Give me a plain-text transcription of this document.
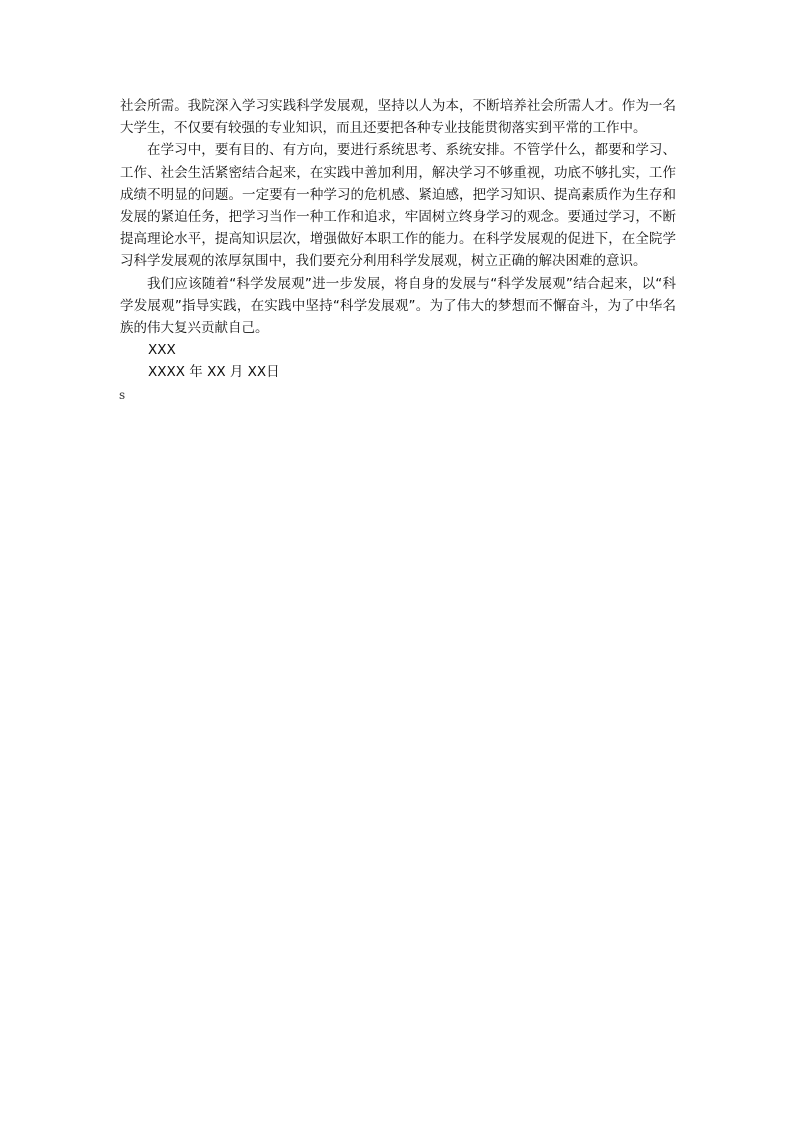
社会所需。我院深入学习实践科学发展观，坚持以人为本，不断培养社会所需人才。作为一名大学生，不仅要有较强的专业知识，而且还要把各种专业技能贯彻落实到平常的工作中。

在学习中，要有目的、有方向，要进行系统思考、系统安排。不管学什么，都要和学习、工作、社会生活紧密结合起来，在实践中善加利用，解决学习不够重视，功底不够扎实，工作成绩不明显的问题。一定要有一种学习的危机感、紧迫感，把学习知识、提高素质作为生存和发展的紧迫任务，把学习当作一种工作和追求，牢固树立终身学习的观念。要通过学习，不断提高理论水平，提高知识层次，增强做好本职工作的能力。在科学发展观的促进下，在全院学习科学发展观的浓厚氛围中，我们要充分利用科学发展观，树立正确的解决困难的意识。

我们应该随着“科学发展观”进一步发展，将自身的发展与“科学发展观”结合起来，以“科学发展观”指导实践，在实践中坚持“科学发展观”。为了伟大的梦想而不懈奋斗，为了中华名族的伟大复兴贡献自己。

XXX

XXXX 年 XX 月 XX日

s
